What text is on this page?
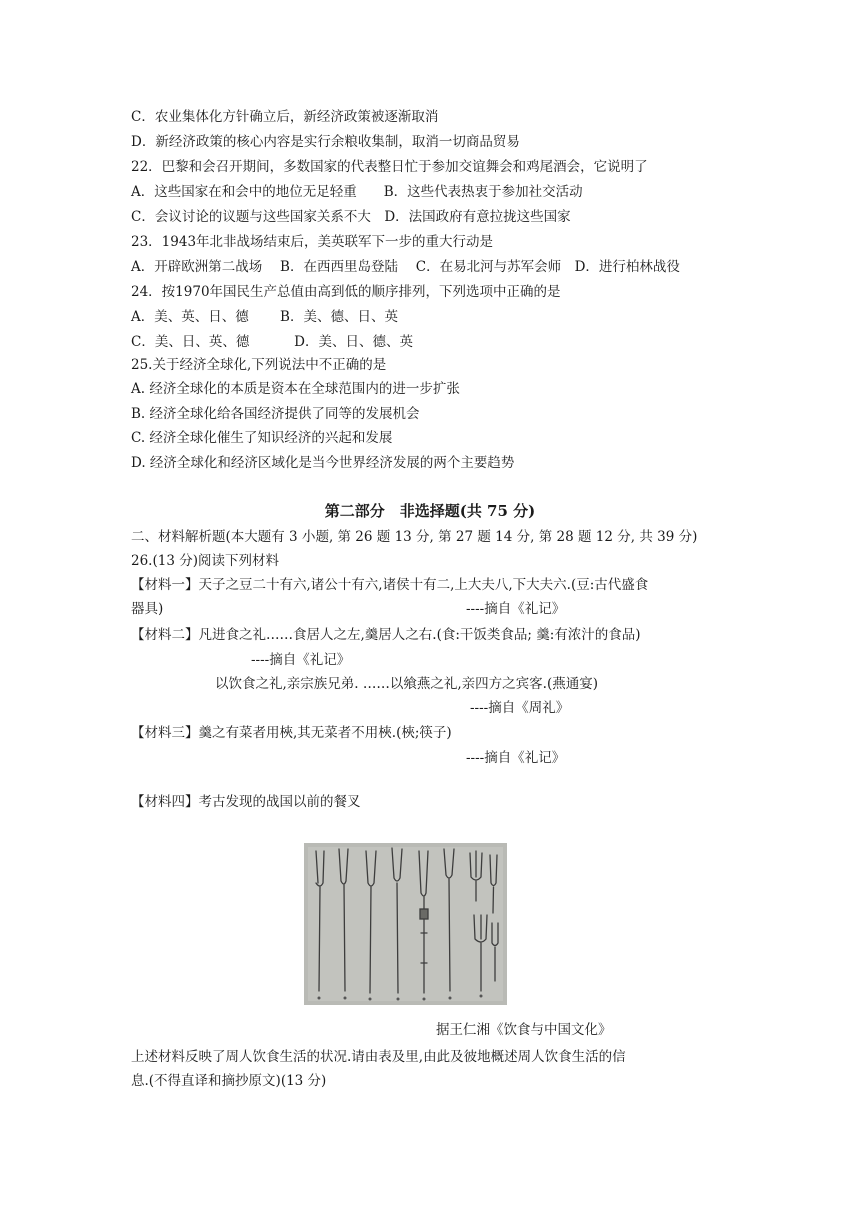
C．农业集体化方针确立后，新经济政策被逐渐取消
D．新经济政策的核心内容是实行余粮收集制，取消一切商品贸易
22．巴黎和会召开期间，多数国家的代表整日忙于参加交谊舞会和鸡尾酒会，它说明了
A．这些国家在和会中的地位无足轻重　　B．这些代表热衷于参加社交活动
C．会议讨论的议题与这些国家关系不大　D．法国政府有意拉拢这些国家
23．1943年北非战场结束后，美英联军下一步的重大行动是
A．开辟欧洲第二战场　 B．在西西里岛登陆　 C．在易北河与苏军会师　D．进行柏林战役
24．按1970年国民生产总值由高到低的顺序排列，下列选项中正确的是
A．美、英、日、德　　 B．美、德、日、英
C．美、日、英、德　　　 D．美、日、德、英
25.关于经济全球化,下列说法中不正确的是
A. 经济全球化的本质是资本在全球范围内的进一步扩张
B. 经济全球化给各国经济提供了同等的发展机会
C. 经济全球化催生了知识经济的兴起和发展
D. 经济全球化和经济区域化是当今世界经济发展的两个主要趋势
第二部分　非选择题(共 75 分)
二、材料解析题(本大题有 3 小题, 第 26 题 13 分, 第 27 题 14 分, 第 28 题 12 分, 共 39 分)
26.(13 分)阅读下列材料
【材料一】天子之豆二十有六,诸公十有六,诸侯十有二,上大夫八,下大夫六.(豆:古代盛食
器具)	----摘自《礼记》
【材料二】凡进食之礼……食居人之左,羹居人之右.(食:干饭类食品; 羹:有浓汁的食品)
----摘自《礼记》
以饮食之礼,亲宗族兄弟. ……以飨燕之礼,亲四方之宾客.(燕通宴)
----摘自《周礼》
【材料三】羹之有菜者用梜,其无菜者不用梜.(梜;筷子)
----摘自《礼记》
【材料四】考古发现的战国以前的餐叉
据王仁湘《饮食与中国文化》
上述材料反映了周人饮食生活的状况.请由表及里,由此及彼地概述周人饮食生活的信
息.(不得直译和摘抄原文)(13 分)
